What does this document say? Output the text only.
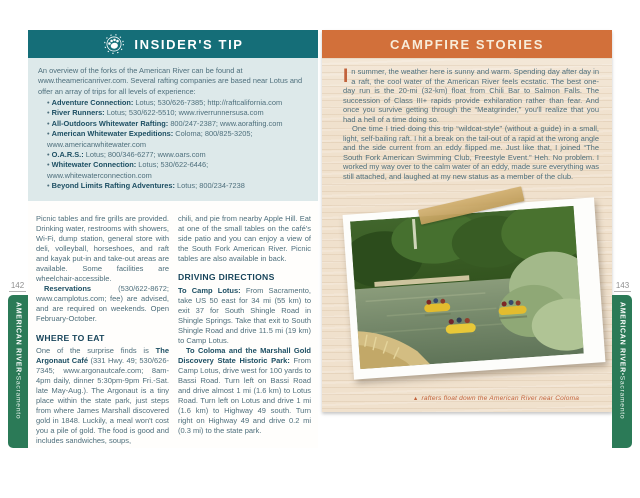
INSIDER'S TIP

An overview of the forks of the American River can be found at www.theamericanriver.com. Several rafting companies are based near Lotus and offer an array of trips for all levels of experience:

• Adventure Connection: Lotus; 530/626-7385; http://raftcalifornia.com
• River Runners: Lotus; 530/622-5510; www.riverrunnersusa.com
• All-Outdoors Whitewater Rafting: 800/247-2387; www.aorafting.com
• American Whitewater Expeditions: Coloma; 800/825-3205; www.americanwhitewater.com
• O.A.R.S.: Lotus; 800/346-6277; www.oars.com
• Whitewater Connection: Lotus; 530/622-6446; www.whitewaterconnection.com
• Beyond Limits Rafting Adventures: Lotus; 800/234-7238

Picnic tables and fire grills are provided. Drinking water, restrooms with showers, Wi-Fi, dump station, general store with deli, volleyball, horseshoes, and raft and kayak put-in and take-out areas are available. Some facilities are wheelchair-accessible.

Reservations (530/622-8672; www.camplotus.com; fee) are advised, and are required on weekends. Open February-October.

WHERE TO EAT

One of the surprise finds is The Argonaut Café (331 Hwy. 49; 530/626-7345; www.argonautcafe.com; 8am-4pm daily, dinner 5:30pm-9pm Fri.-Sat. late May-Aug.). The Argonaut is a tiny place within the state park, just steps from where James Marshall discovered gold in 1848. Luckily, a meal won't cost you a pile of gold. The food is good and includes sandwiches, soups,

chili, and pie from nearby Apple Hill. Eat at one of the small tables on the café's side patio and you can enjoy a view of the South Fork American River. Picnic tables are also available in back.

DRIVING DIRECTIONS

To Camp Lotus: From Sacramento, take US 50 east for 34 mi (55 km) to exit 37 for South Shingle Road in Shingle Springs. Take that exit to South Shingle Road and drive 11.5 mi (19 km) to Camp Lotus.

To Coloma and the Marshall Gold Discovery State Historic Park: From Camp Lotus, drive west for 100 yards to Bassi Road. Turn left on Bassi Road and drive almost 1 mi (1.6 km) to Lotus Road. Turn left on Lotus and drive 1 mi (1.6 km) to Highway 49 south. Turn right on Highway 49 and drive 0.2 mi (0.3 mi) to the state park.

CAMPFIRE STORIES

In summer, the weather here is sunny and warm. Spending day after day in a raft, the cool water of the American River feels ecstatic. The best one-day run is the 20-mi (32-km) float from Chili Bar to Salmon Falls. The succession of Class III+ rapids provide exhilaration rather than fear. And once you survive getting through the “Meatgrinder,” you'll realize that you had a hell of a time doing so.

One time I tried doing this trip “wildcat-style” (without a guide) in a small, light, self-bailing raft. I hit a break on the tail-out of a rapid at the wrong angle and the side current from an eddy flipped me. Just like that, I joined “The South Fork American Swimming Club, Freestyle Event.” Heh. No problem. I worked my way over to the calm water of an eddy, made sure everything was still attached, and laughed at my new status as a member of the club.

▲ rafters float down the American River near Coloma
142
AMERICAN RIVER•Sacramento
143
AMERICAN RIVER•Sacramento
